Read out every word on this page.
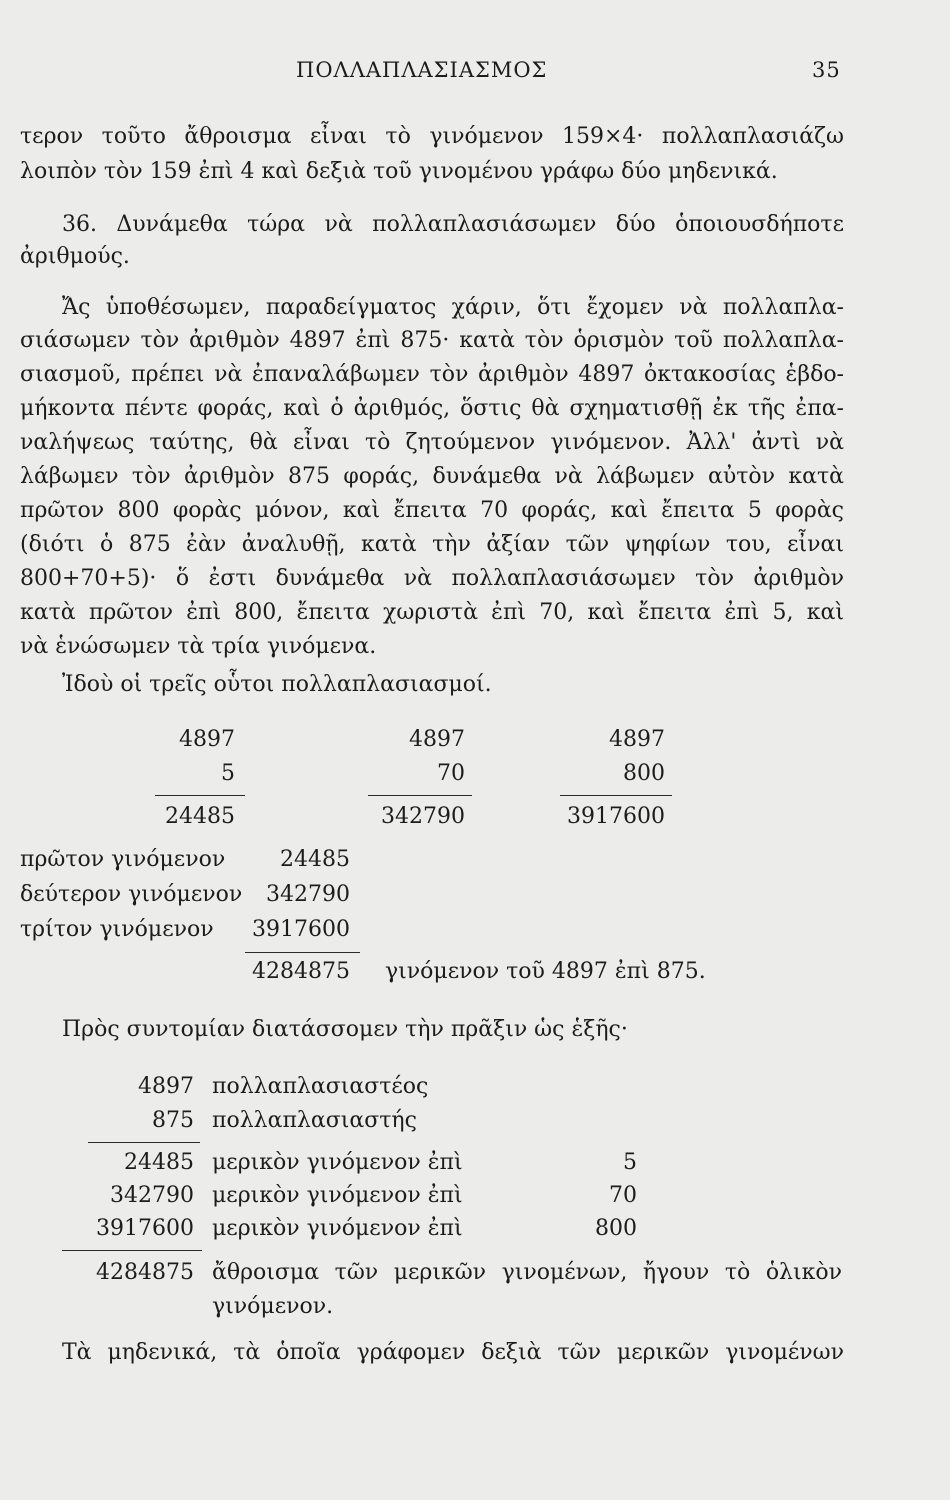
ΠΟΛΛΑΠΛΑΣΙΑΣΜΟΣ	35
τερον τοῦτο ἄθροισμα εἶναι τὸ γινόμενον 159×4· πολλαπλασιάζω
λοιπὸν τὸν 159 ἐπὶ 4 καὶ δεξιὰ τοῦ γινομένου γράφω δύο μηδενικά.
36. Δυνάμεθα τώρα νὰ πολλαπλασιάσωμεν δύο ὁποιουσδήποτε
ἀριθμούς.
Ἄς ὑποθέσωμεν, παραδείγματος χάριν, ὅτι ἔχομεν νὰ πολλαπλα-
σιάσωμεν τὸν ἀριθμὸν 4897 ἐπὶ 875· κατὰ τὸν ὁρισμὸν τοῦ πολλαπλα-
σιασμοῦ, πρέπει νὰ ἐπαναλάβωμεν τὸν ἀριθμὸν 4897 ὀκτακοσίας ἑβδο-
μήκοντα πέντε φοράς, καὶ ὁ ἀριθμός, ὅστις θὰ σχηματισθῇ ἐκ τῆς ἐπα-
ναλήψεως ταύτης, θὰ εἶναι τὸ ζητούμενον γινόμενον. Ἀλλ' ἀντὶ νὰ
λάβωμεν τὸν ἀριθμὸν 875 φοράς, δυνάμεθα νὰ λάβωμεν αὐτὸν κατὰ
πρῶτον 800 φορὰς μόνον, καὶ ἔπειτα 70 φοράς, καὶ ἔπειτα 5 φορὰς
(διότι ὁ 875 ἐὰν ἀναλυθῇ, κατὰ τὴν ἀξίαν τῶν ψηφίων του, εἶναι
800+70+5)· ὅ ἐστι δυνάμεθα νὰ πολλαπλασιάσωμεν τὸν ἀριθμὸν
κατὰ πρῶτον ἐπὶ 800, ἔπειτα χωριστὰ ἐπὶ 70, καὶ ἔπειτα ἐπὶ 5, καὶ
νὰ ἑνώσωμεν τὰ τρία γινόμενα.
Ἰδοὺ οἱ τρεῖς οὗτοι πολλαπλασιασμοί.
4897
5
24485
4897
70
342790
4897
800
3917600
πρῶτον γινόμενον	24485
δεύτερον γινόμενον	342790
τρίτον γινόμενον	3917600
4284875 γινόμενον τοῦ 4897 ἐπὶ 875.
Πρὸς συντομίαν διατάσσομεν τὴν πρᾶξιν ὡς ἑξῆς·
4897 πολλαπλασιαστέος
875 πολλαπλασιαστής
24485 μερικὸν γινόμενον ἐπὶ	5
342790 μερικὸν γινόμενον ἐπὶ	70
3917600 μερικὸν γινόμενον ἐπὶ	800
4284875 ἄθροισμα τῶν μερικῶν γινομένων, ἤγουν τὸ ὁλικὸν
γινόμενον.
Τὰ μηδενικά, τὰ ὁποῖα γράφομεν δεξιὰ τῶν μερικῶν γινομένων
